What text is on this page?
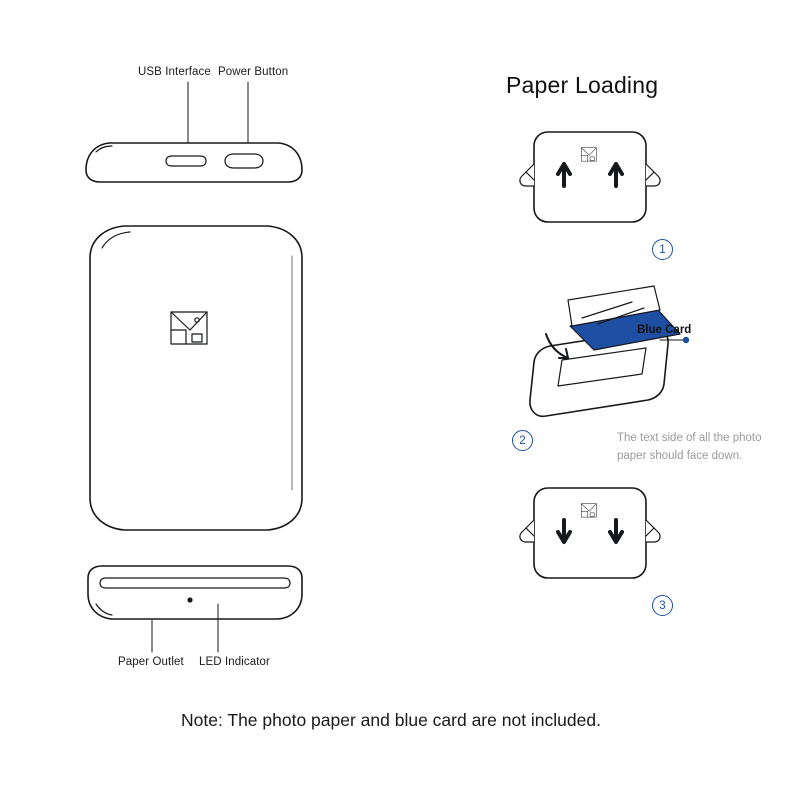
USB Interface Power Button
Paper Outlet LED Indicator
Paper Loading
1
Blue Card
2	The text side of all the photo paper should face down.
3
Note: The photo paper and blue card are not included.
